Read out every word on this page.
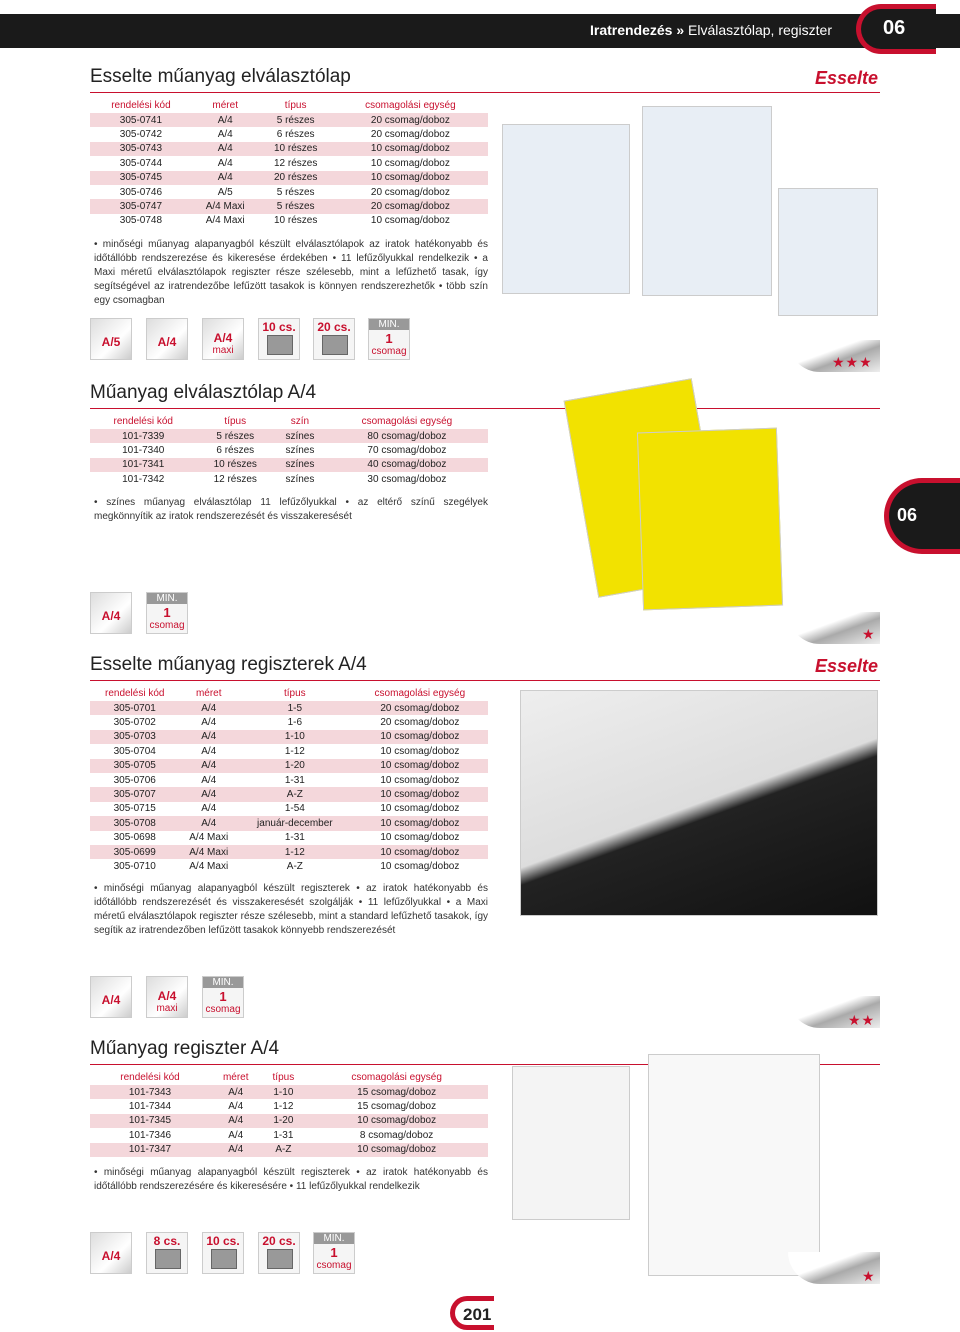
Iratrendezés » Elválasztólap, regiszter	06
06
Esselte műanyag elválasztólap	Esselte
rendelési kód	méret	típus	csomagolási egység
305-0741	A/4	5 részes	20 csomag/doboz
305-0742	A/4	6 részes	20 csomag/doboz
305-0743	A/4	10 részes	10 csomag/doboz
305-0744	A/4	12 részes	10 csomag/doboz
305-0745	A/4	20 részes	10 csomag/doboz
305-0746	A/5	5 részes	20 csomag/doboz
305-0747	A/4 Maxi	5 részes	20 csomag/doboz
305-0748	A/4 Maxi	10 részes	10 csomag/doboz
• minőségi műanyag alapanyagból készült elválasztólapok az iratok hatékonyabb és időtállóbb rendszerezése és kikeresése érdekében • 11 lefűzőlyukkal rendelkezik • a Maxi méretű elválasztólapok regiszter része szélesebb, mint a lefűzhető tasak, így segítségével az iratrendezőbe lefűzött tasakok is könnyen rendszerezhetők • több szín egy csomagban
A/5	A/4	A/4
maxi
10 cs. 20 cs.	MIN.
1
csomag
★★★
Műanyag elválasztólap A/4
rendelési kód	típus	szín	csomagolási egység
101-7339	5 részes	színes	80 csomag/doboz
101-7340	6 részes	színes	70 csomag/doboz
101-7341	10 részes	színes	40 csomag/doboz
101-7342	12 részes	színes	30 csomag/doboz
• színes műanyag elválasztólap 11 lefűzőlyukkal • az eltérő színű szegélyek megkönnyítik az iratok rendszerezését és visszakeresését
A/4
MIN.
1
csomag
★
Esselte műanyag regiszterek A/4	Esselte
rendelési kód	méret	típus	csomagolási egység
305-0701	A/4	1-5	20 csomag/doboz
305-0702	A/4	1-6	20 csomag/doboz
305-0703	A/4	1-10	10 csomag/doboz
305-0704	A/4	1-12	10 csomag/doboz
305-0705	A/4	1-20	10 csomag/doboz
305-0706	A/4	1-31	10 csomag/doboz
305-0707	A/4	A-Z	10 csomag/doboz
305-0715	A/4	1-54	10 csomag/doboz
305-0708	A/4	január-december	10 csomag/doboz
305-0698	A/4 Maxi	1-31	10 csomag/doboz
305-0699	A/4 Maxi	1-12	10 csomag/doboz
305-0710	A/4 Maxi	A-Z	10 csomag/doboz
• minőségi műanyag alapanyagból készült regiszterek • az iratok hatékonyabb és időtállóbb rendszerezését és visszakeresését szolgálják • 11 lefűzőlyukkal • a Maxi méretű elválasztólapok regiszter része szélesebb, mint a standard lefűzhető tasakok, így segítik az iratrendezőben lefűzött tasakok könnyebb rendszerezését
A/4	A/4
maxi
MIN.
1
csomag
★★
Műanyag regiszter A/4
rendelési kód	méret	típus	csomagolási egység
101-7343	A/4	1-10	15 csomag/doboz
101-7344	A/4	1-12	15 csomag/doboz
101-7345	A/4	1-20	10 csomag/doboz
101-7346	A/4	1-31	8 csomag/doboz
101-7347	A/4	A-Z	10 csomag/doboz
• minőségi műanyag alapanyagból készült regiszterek • az iratok hatékonyabb és időtállóbb rendszerezésére és kikeresésére • 11 lefűzőlyukkal rendelkezik
A/4
8 cs.	10 cs. 20 cs.	MIN.
1
csomag
★
201
